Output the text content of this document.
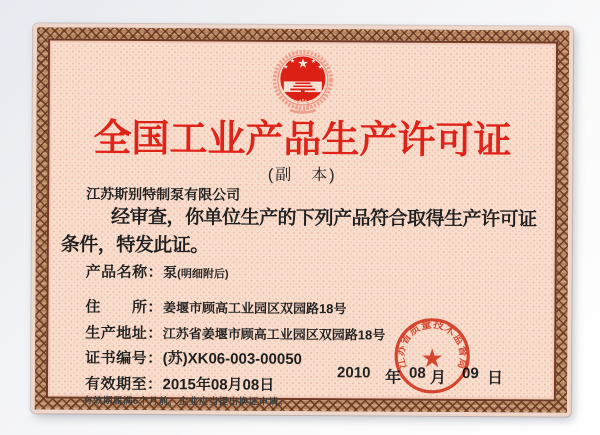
全国工业产品生产许可证
(副　本)
江苏斯别特制泵有限公司
经审查，你单位生产的下列产品符合取得生产许可证
条件，特发此证。
产品名称：泵(明细附后)
住　　所：姜堰市顾高工业园区双园路18号
生产地址：江苏省姜堰市顾高工业园区双园路18号
证书编号：(苏)XK06-003-00050
有效期至：2015年08月08日
有效期届满6个月前，企业应当提出换证申请。
2010 年 08 月 09 日
江苏省质量技术监督局
